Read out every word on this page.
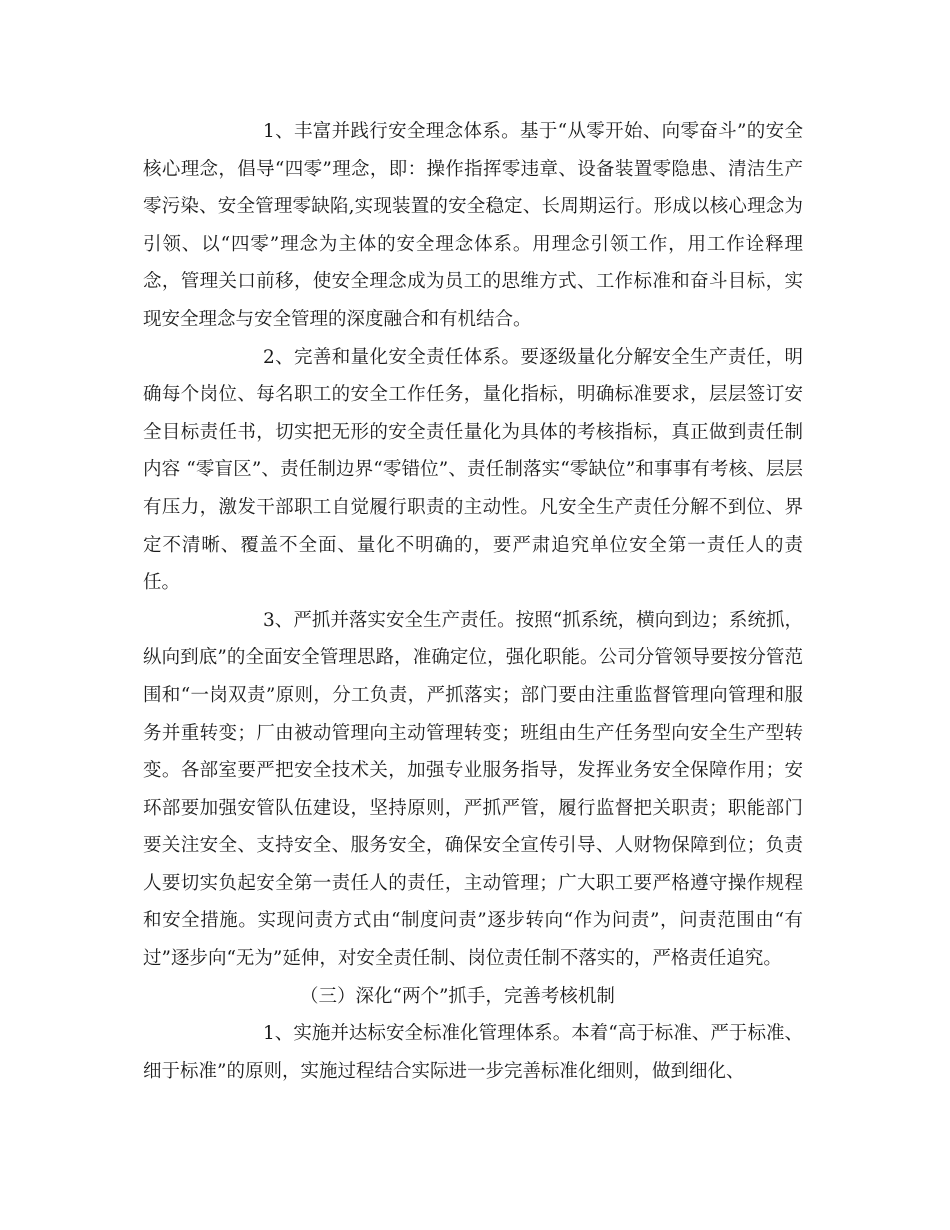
1、丰富并践行安全理念体系。基于“从零开始、向零奋斗”的安全核心理念，倡导“四零”理念，即：操作指挥零违章、设备装置零隐患、清洁生产零污染、安全管理零缺陷,实现装置的安全稳定、长周期运行。形成以核心理念为引领、以“四零”理念为主体的安全理念体系。用理念引领工作，用工作诠释理念，管理关口前移，使安全理念成为员工的思维方式、工作标准和奋斗目标，实现安全理念与安全管理的深度融合和有机结合。

2、完善和量化安全责任体系。要逐级量化分解安全生产责任，明确每个岗位、每名职工的安全工作任务，量化指标，明确标准要求，层层签订安全目标责任书，切实把无形的安全责任量化为具体的考核指标，真正做到责任制内容 “零盲区”、责任制边界“零错位”、责任制落实“零缺位”和事事有考核、层层有压力，激发干部职工自觉履行职责的主动性。凡安全生产责任分解不到位、界定不清晰、覆盖不全面、量化不明确的，要严肃追究单位安全第一责任人的责任。

3、严抓并落实安全生产责任。按照“抓系统，横向到边；系统抓，纵向到底”的全面安全管理思路，准确定位，强化职能。公司分管领导要按分管范围和“一岗双责”原则，分工负责，严抓落实；部门要由注重监督管理向管理和服务并重转变；厂由被动管理向主动管理转变；班组由生产任务型向安全生产型转变。各部室要严把安全技术关，加强专业服务指导，发挥业务安全保障作用；安环部要加强安管队伍建设，坚持原则，严抓严管，履行监督把关职责；职能部门要关注安全、支持安全、服务安全，确保安全宣传引导、人财物保障到位；负责人要切实负起安全第一责任人的责任，主动管理；广大职工要严格遵守操作规程和安全措施。实现问责方式由“制度问责”逐步转向“作为问责”，问责范围由“有过”逐步向“无为”延伸，对安全责任制、岗位责任制不落实的，严格责任追究。

（三）深化“两个”抓手，完善考核机制

1、实施并达标安全标准化管理体系。本着“高于标准、严于标准、细于标准”的原则，实施过程结合实际进一步完善标准化细则，做到细化、
